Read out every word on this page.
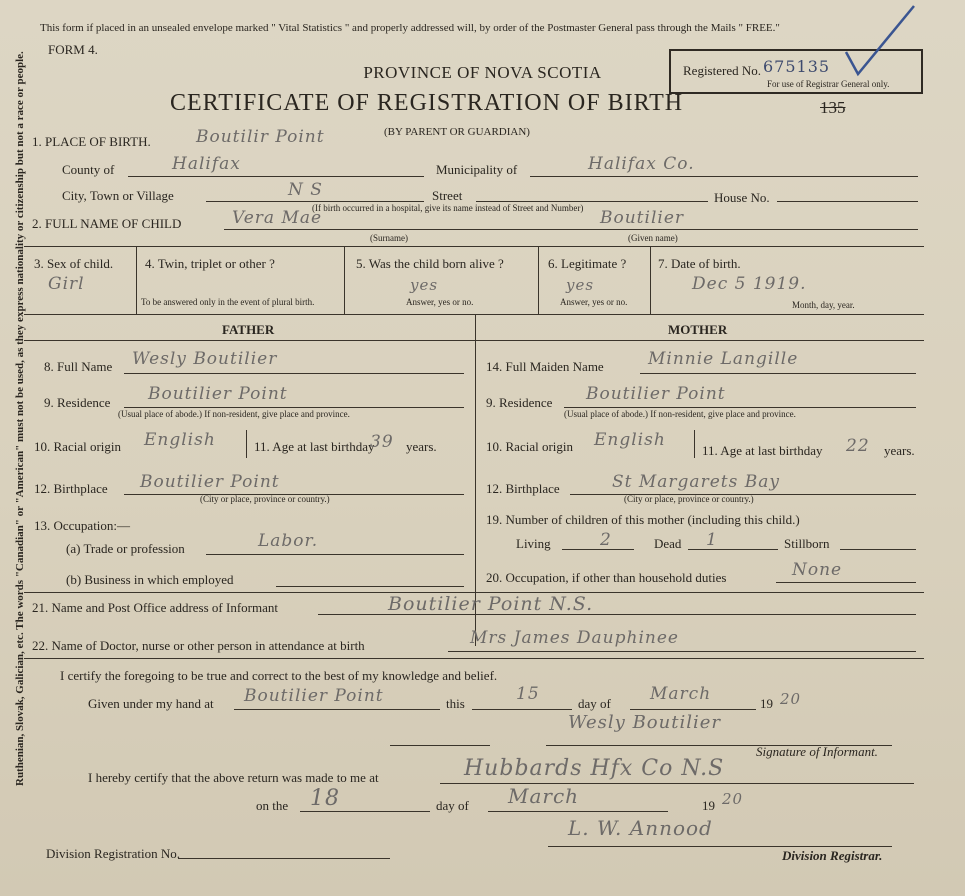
Ruthenian, Slovak, Galician, etc. The words "Canadian" or "American" must not be used, as they express nationality or citizenship but not a race or people.
This form if placed in an unsealed envelope marked " Vital Statistics " and properly addressed will, by order of the Postmaster General pass through the Mails " FREE."
FORM 4.
Registered No. 675135
For use of Registrar General only.
PROVINCE OF NOVA SCOTIA
CERTIFICATE OF REGISTRATION OF BIRTH	135
1. PLACE OF BIRTH.	Boutilir Point	(BY PARENT OR GUARDIAN)
County of	Halifax	Municipality of	Halifax Co.
City, Town or Village	N S	Street	House No.
(If birth occurred in a hospital, give its name instead of Street and Number)
2. FULL NAME OF CHILD	Vera Mae	Boutilier
(Surname)	(Given name)
3. Sex of child.
Girl
4. Twin, triplet or other ?
To be answered only in the event of plural birth.
5. Was the child born alive ?
yes
Answer, yes or no.
6. Legitimate ?
yes
Answer, yes or no.
7. Date of birth.
Dec 5 1919.
Month, day, year.
FATHER	MOTHER
8. Full Name Wesly Boutilier
9. Residence Boutilier Point
(Usual place of abode.) If non-resident, give place and province.
10. Racial origin English	11. Age at last birthday
39 years.
12. Birthplace Boutilier Point
(City or place, province or country.)
13. Occupation:—
(a) Trade or profession	Labor.
(b) Business in which employed
14. Full Maiden Name	Minnie Langille
9. Residence Boutilier Point
(Usual place of abode.) If non-resident, give place and province.
10. Racial origin English
11. Age at last birthday 22 years.
12. Birthplace	St Margarets Bay
(City or place, province or country.)
19. Number of children of this mother (including this child.)
Living	2	Dead 1	Stillborn
20. Occupation, if other than household duties	None
21. Name and Post Office address of Informant	Boutilier Point N.S.
22. Name of Doctor, nurse or other person in attendance at birth	Mrs James Dauphinee
I certify the foregoing to be true and correct to the best of my knowledge and belief.
Given under my hand at Boutilier Point	this	15	day of March	19 20
Wesly Boutilier
Signature of Informant.
I hereby certify that the above return was made to me at	Hubbards Hfx Co N.S
on the 18	day of March	19 20
L. W. Annood
Division Registration No.	Division Registrar.
